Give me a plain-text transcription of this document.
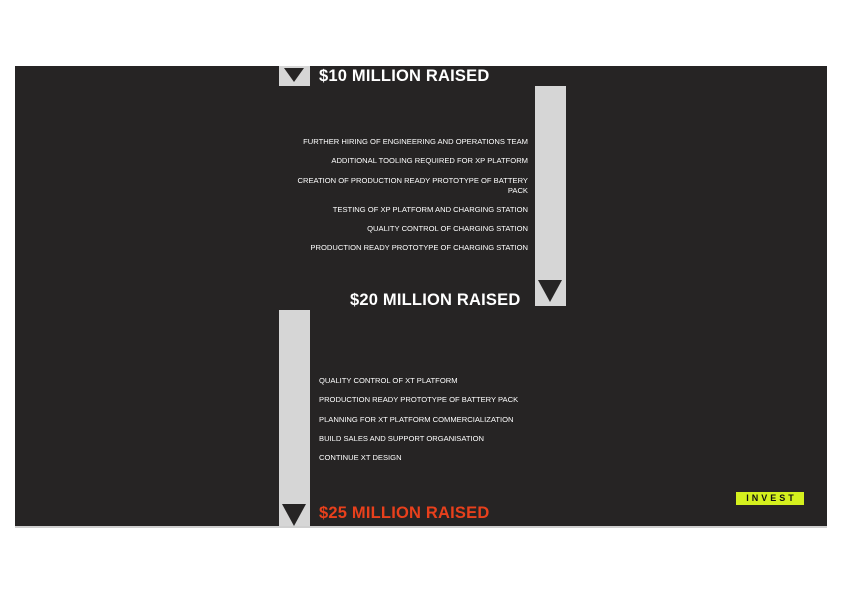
$10 MILLION RAISED
FURTHER HIRING OF ENGINEERING AND OPERATIONS TEAM
ADDITIONAL TOOLING REQUIRED FOR XP PLATFORM
CREATION OF PRODUCTION READY PROTOTYPE OF BATTERY PACK
TESTING OF XP PLATFORM AND CHARGING STATION
QUALITY CONTROL OF CHARGING STATION
PRODUCTION READY PROTOTYPE OF CHARGING STATION
$20 MILLION RAISED
QUALITY CONTROL OF XT PLATFORM
PRODUCTION READY PROTOTYPE OF BATTERY PACK
PLANNING FOR XT PLATFORM COMMERCIALIZATION
BUILD SALES AND SUPPORT ORGANISATION
CONTINUE XT DESIGN
$25 MILLION RAISED
INVEST
